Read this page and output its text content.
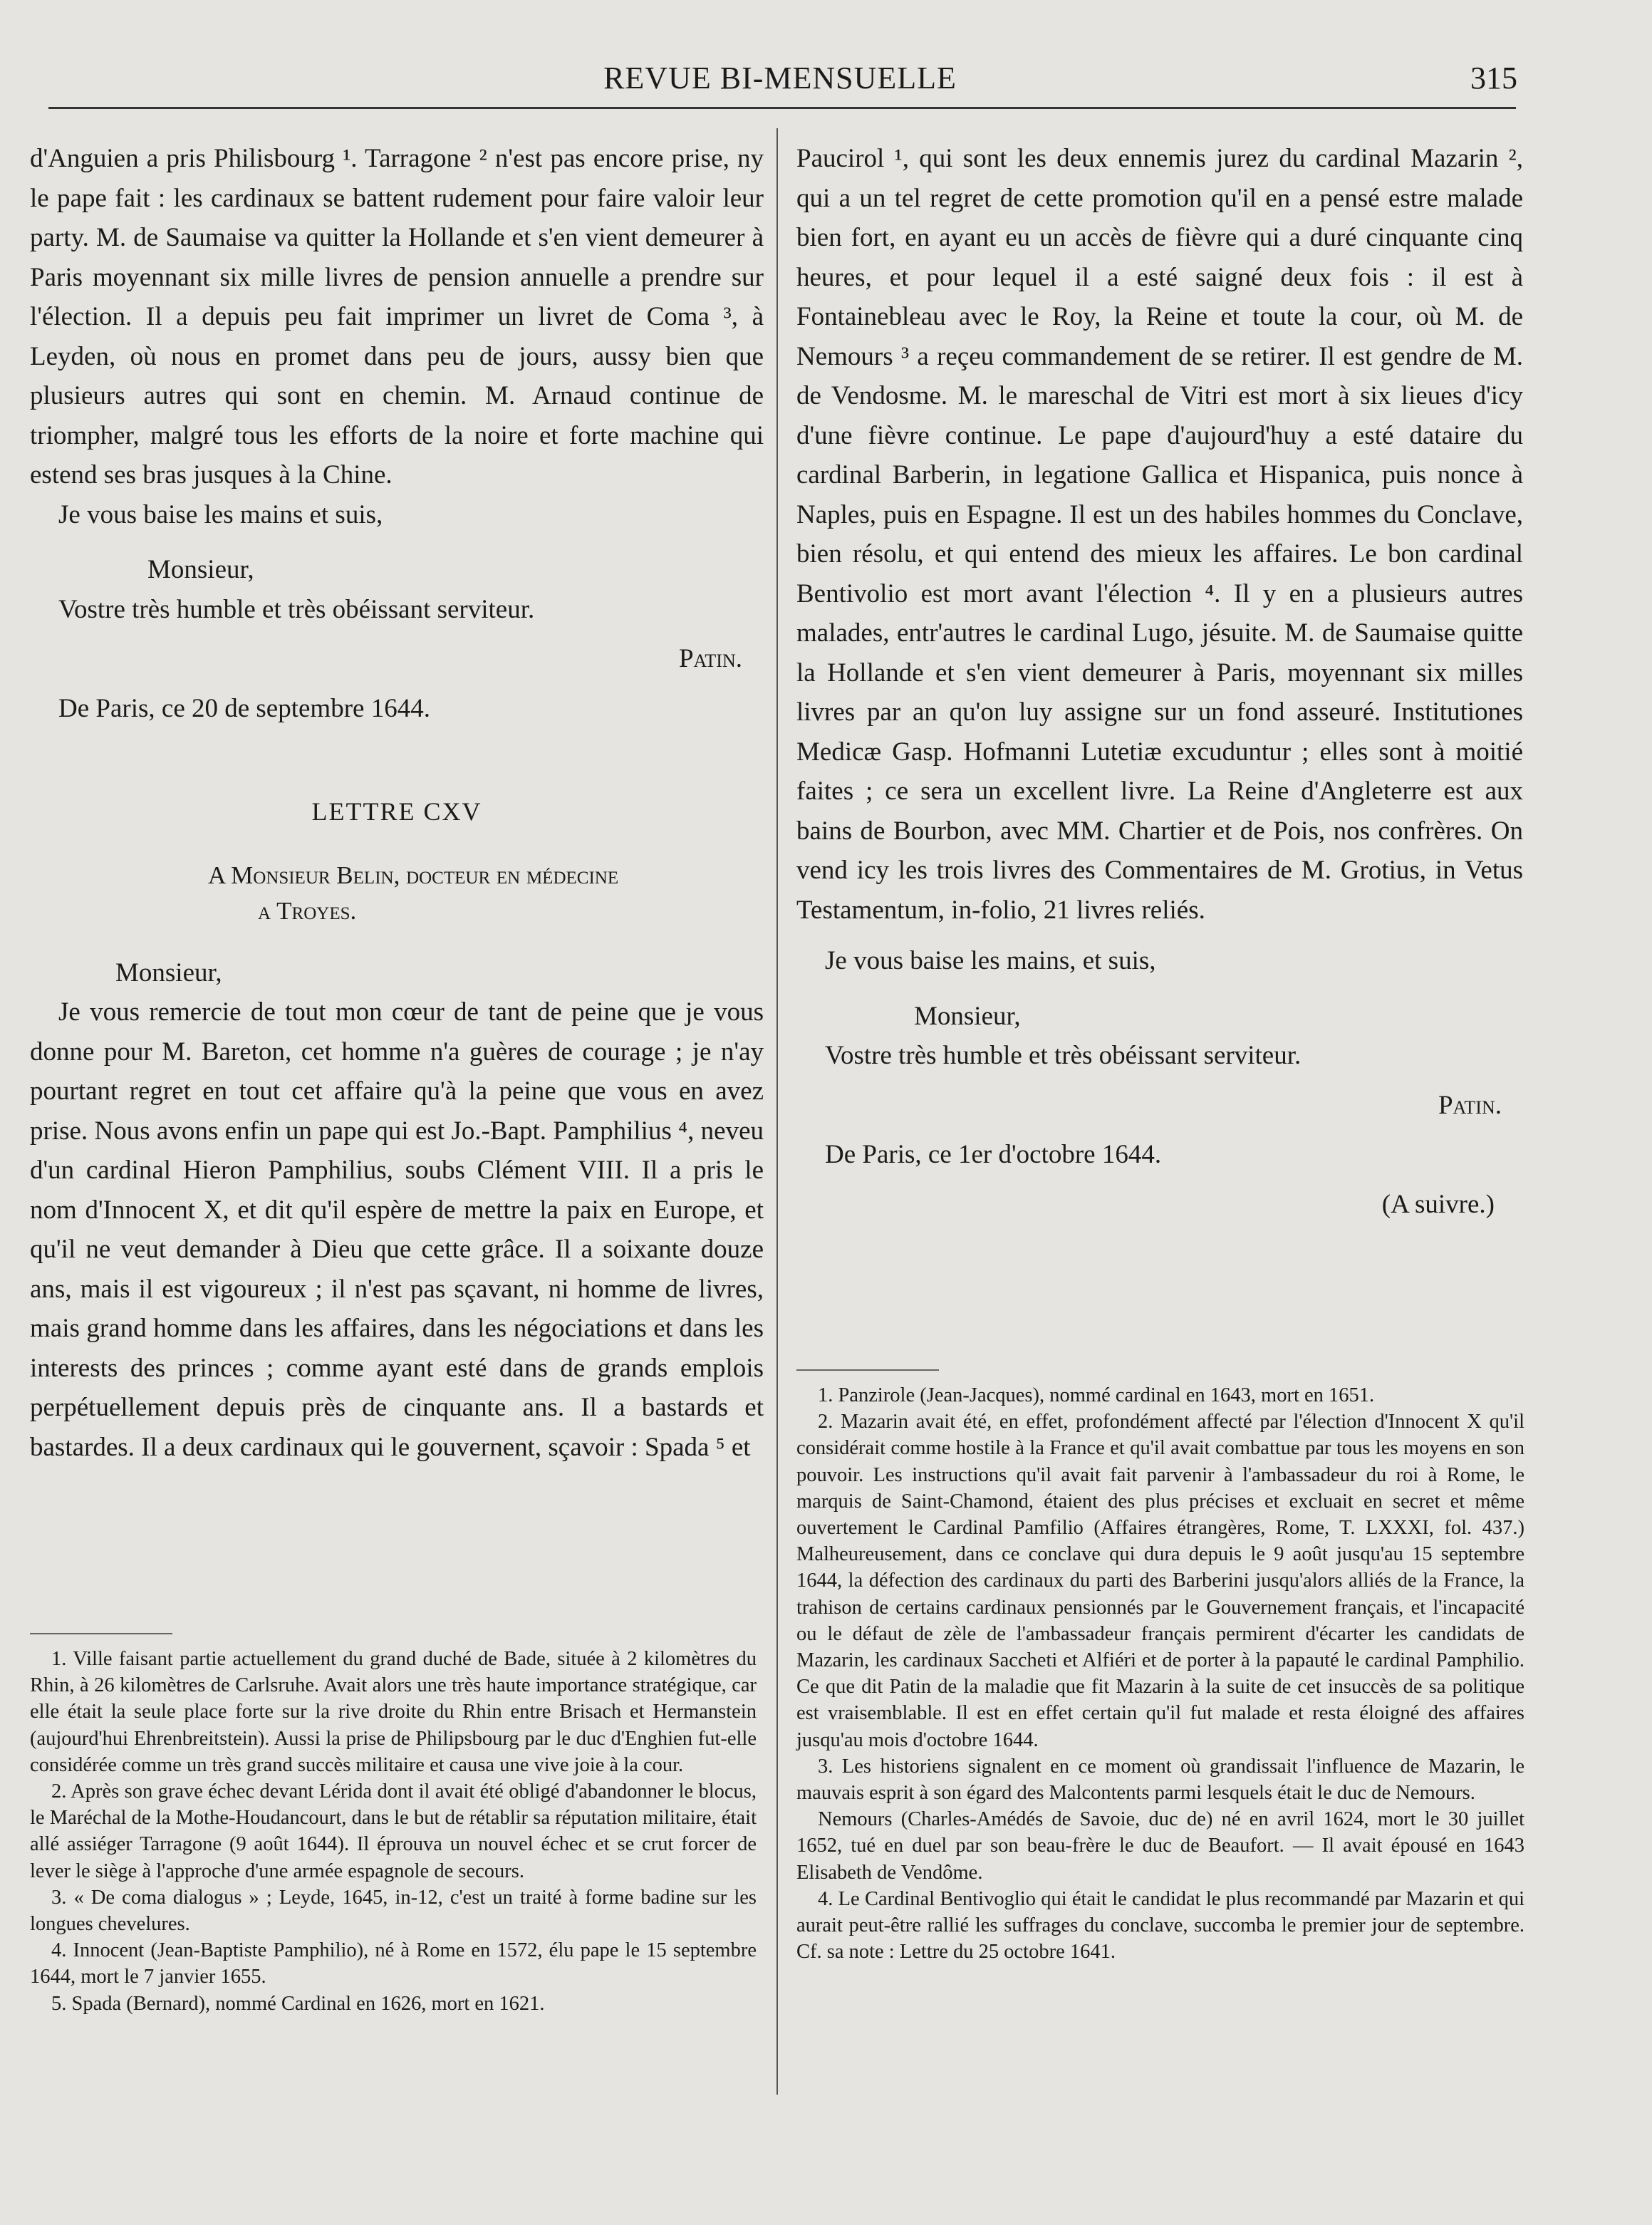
REVUE BI-MENSUELLE	315

d'Anguien a pris Philisbourg ¹. Tarragone ² n'est pas encore prise, ny le pape fait : les cardinaux se battent rudement pour faire valoir leur party. M. de Saumaise va quitter la Hollande et s'en vient demeurer à Paris moyennant six mille livres de pension annuelle a prendre sur l'élection. Il a depuis peu fait imprimer un livret de Coma ³, à Leyden, où nous en promet dans peu de jours, aussy bien que plusieurs autres qui sont en chemin. M. Arnaud continue de triompher, malgré tous les efforts de la noire et forte machine qui estend ses bras jusques à la Chine.

Je vous baise les mains et suis,

Monsieur,

Vostre très humble et très obéissant serviteur.

Patin.

De Paris, ce 20 de septembre 1644.

LETTRE CXV

A Monsieur Belin, docteur en médecine
a Troyes.

Monsieur,

Je vous remercie de tout mon cœur de tant de peine que je vous donne pour M. Bareton, cet homme n'a guères de courage ; je n'ay pourtant regret en tout cet affaire qu'à la peine que vous en avez prise. Nous avons enfin un pape qui est Jo.-Bapt. Pamphilius ⁴, neveu d'un cardinal Hieron Pamphilius, soubs Clément VIII. Il a pris le nom d'Innocent X, et dit qu'il espère de mettre la paix en Europe, et qu'il ne veut demander à Dieu que cette grâce. Il a soixante douze ans, mais il est vigoureux ; il n'est pas sçavant, ni homme de livres, mais grand homme dans les affaires, dans les négociations et dans les interests des princes ; comme ayant esté dans de grands emplois perpétuellement depuis près de cinquante ans. Il a bastards et bastardes. Il a deux cardinaux qui le gouvernent, sçavoir : Spada ⁵ et

Paucirol ¹, qui sont les deux ennemis jurez du cardinal Mazarin ², qui a un tel regret de cette promotion qu'il en a pensé estre malade bien fort, en ayant eu un accès de fièvre qui a duré cinquante cinq heures, et pour lequel il a esté saigné deux fois : il est à Fontainebleau avec le Roy, la Reine et toute la cour, où M. de Nemours ³ a reçeu commandement de se retirer. Il est gendre de M. de Vendosme. M. le mareschal de Vitri est mort à six lieues d'icy d'une fièvre continue. Le pape d'aujourd'huy a esté dataire du cardinal Barberin, in legatione Gallica et Hispanica, puis nonce à Naples, puis en Espagne. Il est un des habiles hommes du Conclave, bien résolu, et qui entend des mieux les affaires. Le bon cardinal Bentivolio est mort avant l'élection ⁴. Il y en a plusieurs autres malades, entr'autres le cardinal Lugo, jésuite. M. de Saumaise quitte la Hollande et s'en vient demeurer à Paris, moyennant six milles livres par an qu'on luy assigne sur un fond asseuré. Institutiones Medicæ Gasp. Hofmanni Lutetiæ excuduntur ; elles sont à moitié faites ; ce sera un excellent livre. La Reine d'Angleterre est aux bains de Bourbon, avec MM. Chartier et de Pois, nos confrères. On vend icy les trois livres des Commentaires de M. Grotius, in Vetus Testamentum, in-folio, 21 livres reliés.

Je vous baise les mains, et suis,

Monsieur,

Vostre très humble et très obéissant serviteur.

Patin.

De Paris, ce 1er d'octobre 1644.

(A suivre.)

1. Ville faisant partie actuellement du grand duché de Bade, située à 2 kilomètres du Rhin, à 26 kilomètres de Carlsruhe. Avait alors une très haute importance stratégique, car elle était la seule place forte sur la rive droite du Rhin entre Brisach et Hermanstein (aujourd'hui Ehrenbreitstein). Aussi la prise de Philipsbourg par le duc d'Enghien fut-elle considérée comme un très grand succès militaire et causa une vive joie à la cour.

2. Après son grave échec devant Lérida dont il avait été obligé d'abandonner le blocus, le Maréchal de la Mothe-Houdancourt, dans le but de rétablir sa réputation militaire, était allé assiéger Tarragone (9 août 1644). Il éprouva un nouvel échec et se crut forcer de lever le siège à l'approche d'une armée espagnole de secours.

3. « De coma dialogus » ; Leyde, 1645, in-12, c'est un traité à forme badine sur les longues chevelures.

4. Innocent (Jean-Baptiste Pamphilio), né à Rome en 1572, élu pape le 15 septembre 1644, mort le 7 janvier 1655.

5. Spada (Bernard), nommé Cardinal en 1626, mort en 1621.

1. Panzirole (Jean-Jacques), nommé cardinal en 1643, mort en 1651.

2. Mazarin avait été, en effet, profondément affecté par l'élection d'Innocent X qu'il considérait comme hostile à la France et qu'il avait combattue par tous les moyens en son pouvoir. Les instructions qu'il avait fait parvenir à l'ambassadeur du roi à Rome, le marquis de Saint-Chamond, étaient des plus précises et excluait en secret et même ouvertement le Cardinal Pamfilio (Affaires étrangères, Rome, T. LXXXI, fol. 437.) Malheureusement, dans ce conclave qui dura depuis le 9 août jusqu'au 15 septembre 1644, la défection des cardinaux du parti des Barberini jusqu'alors alliés de la France, la trahison de certains cardinaux pensionnés par le Gouvernement français, et l'incapacité ou le défaut de zèle de l'ambassadeur français permirent d'écarter les candidats de Mazarin, les cardinaux Saccheti et Alfiéri et de porter à la papauté le cardinal Pamphilio. Ce que dit Patin de la maladie que fit Mazarin à la suite de cet insuccès de sa politique est vraisemblable. Il est en effet certain qu'il fut malade et resta éloigné des affaires jusqu'au mois d'octobre 1644.

3. Les historiens signalent en ce moment où grandissait l'influence de Mazarin, le mauvais esprit à son égard des Malcontents parmi lesquels était le duc de Nemours.

Nemours (Charles-Amédés de Savoie, duc de) né en avril 1624, mort le 30 juillet 1652, tué en duel par son beau-frère le duc de Beaufort. — Il avait épousé en 1643 Elisabeth de Vendôme.

4. Le Cardinal Bentivoglio qui était le candidat le plus recommandé par Mazarin et qui aurait peut-être rallié les suffrages du conclave, succomba le premier jour de septembre. Cf. sa note : Lettre du 25 octobre 1641.
